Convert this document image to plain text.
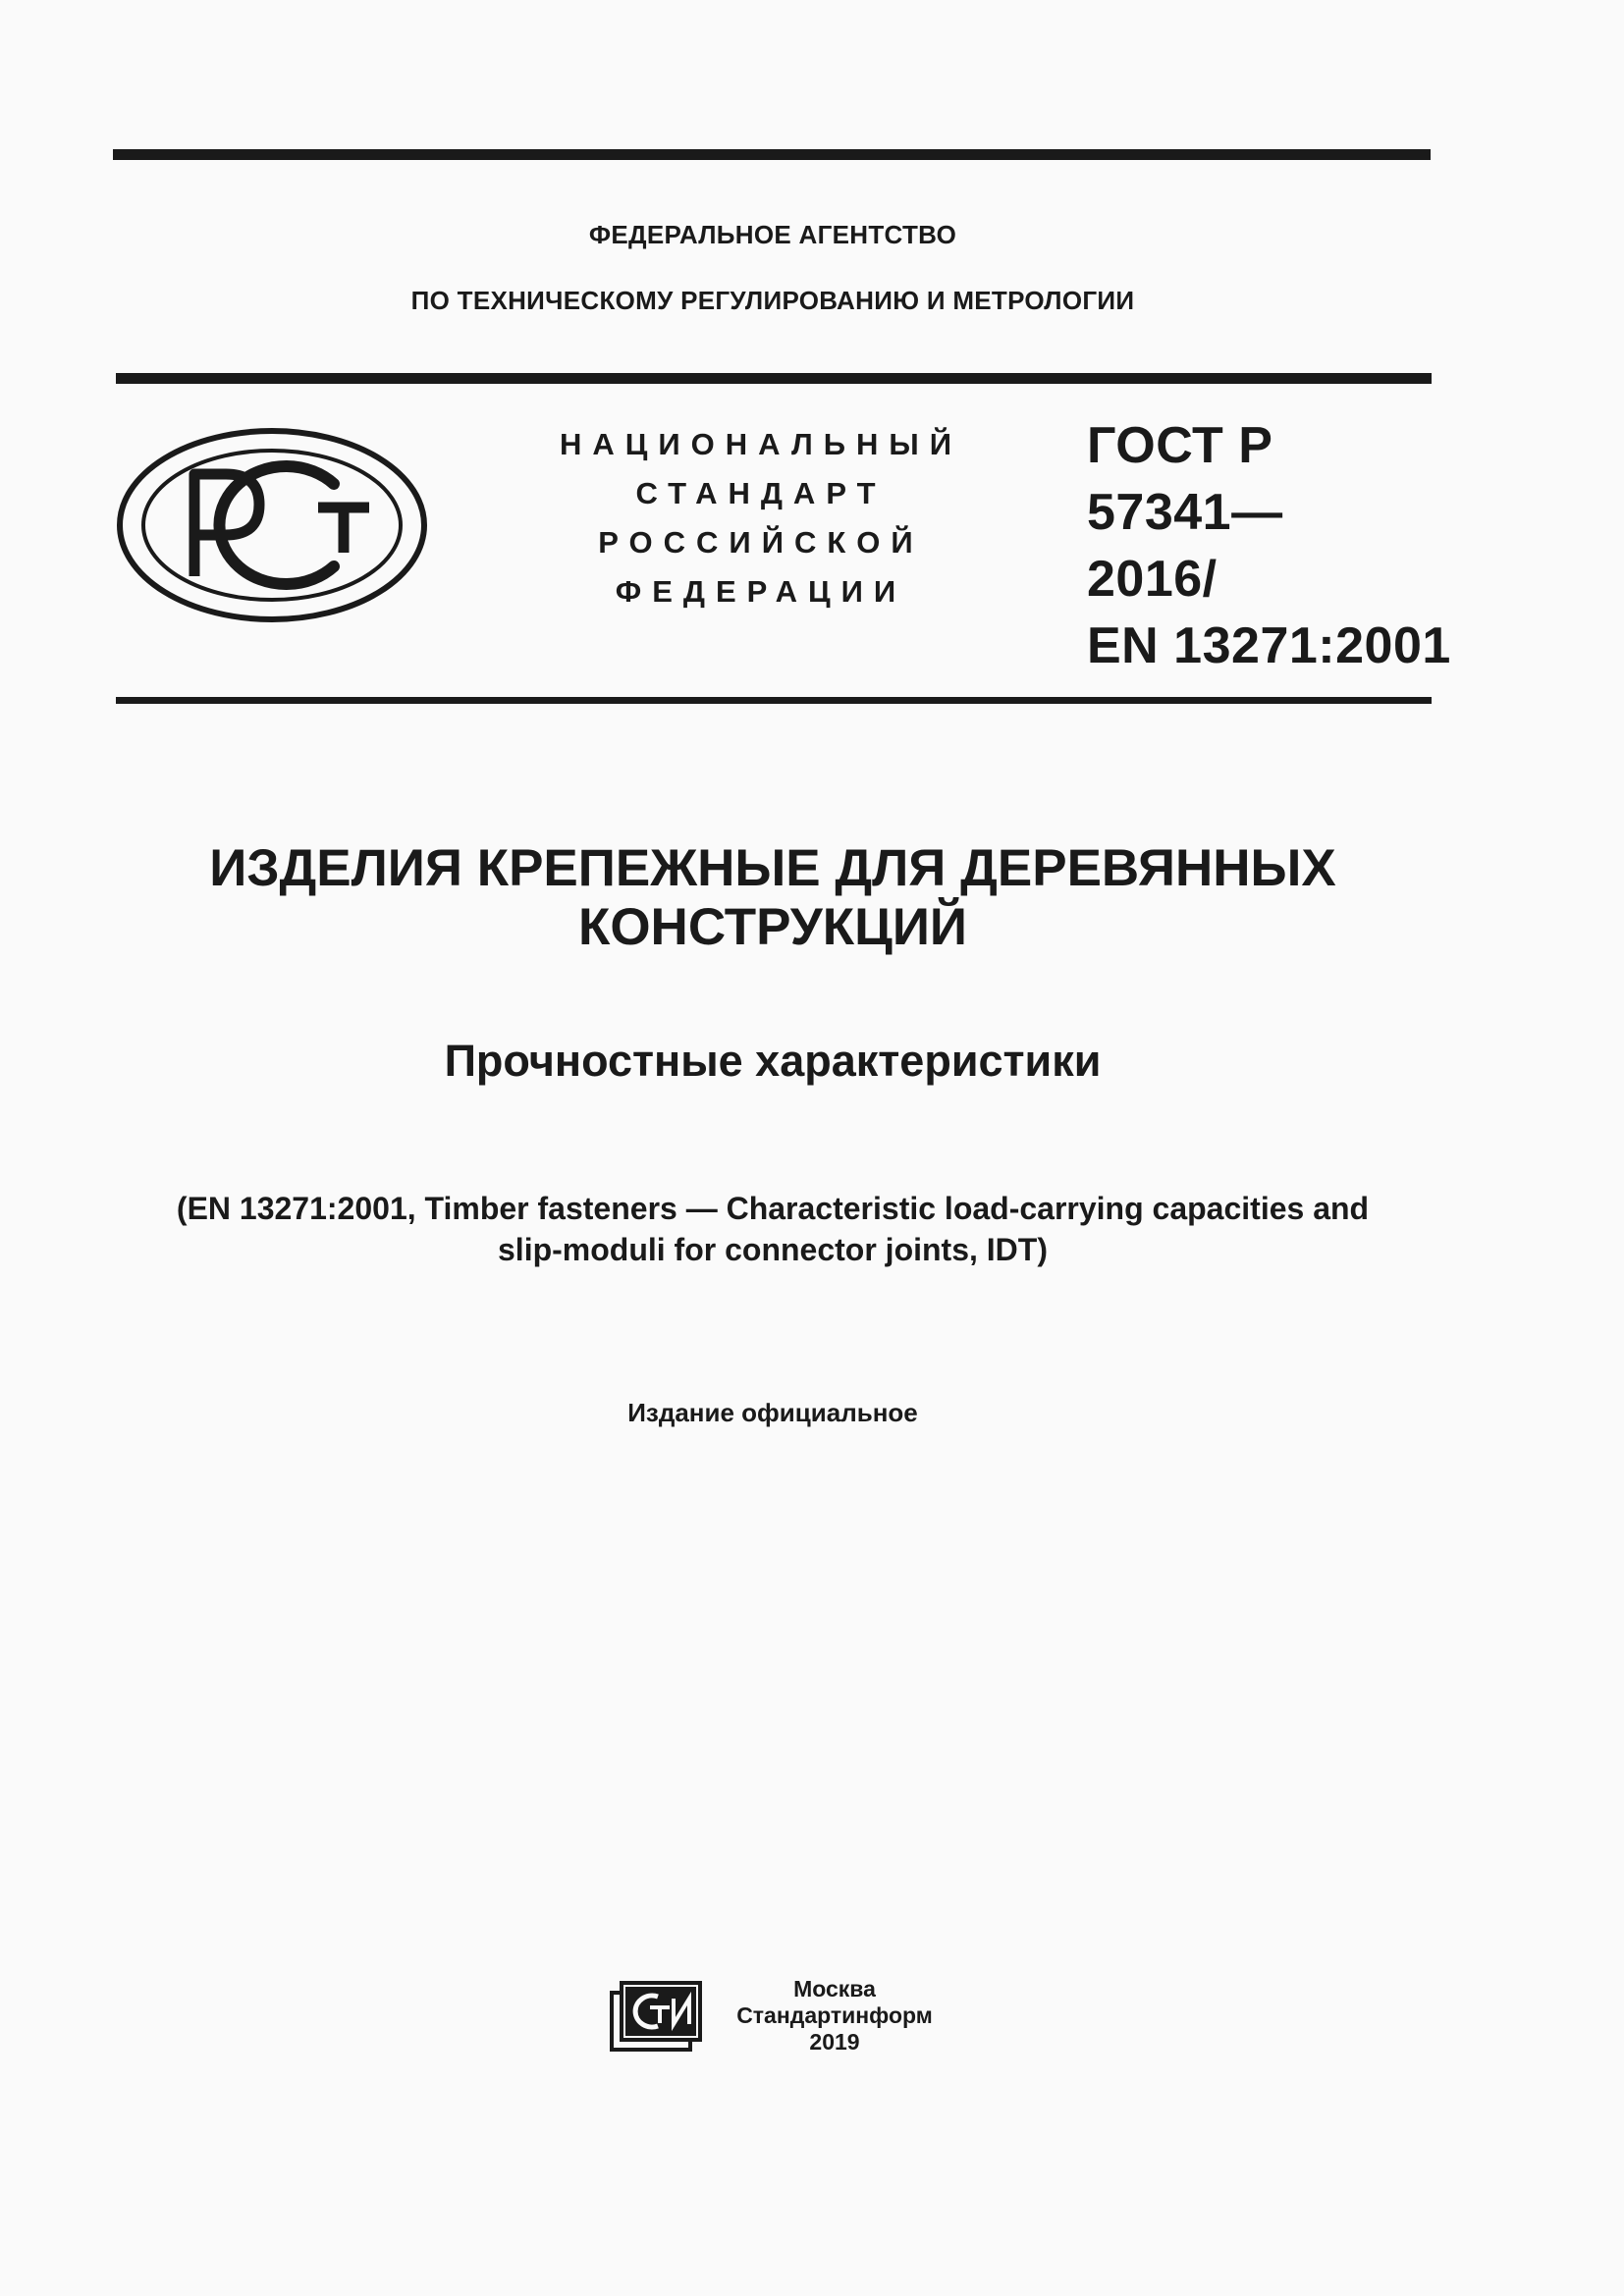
ФЕДЕРАЛЬНОЕ АГЕНТСТВО
ПО ТЕХНИЧЕСКОМУ РЕГУЛИРОВАНИЮ И МЕТРОЛОГИИ
НАЦИОНАЛЬНЫЙ
СТАНДАРТ
РОССИЙСКОЙ
ФЕДЕРАЦИИ
ГОСТ Р
57341—
2016/
EN 13271:2001
ИЗДЕЛИЯ КРЕПЕЖНЫЕ ДЛЯ ДЕРЕВЯННЫХ
КОНСТРУКЦИЙ
Прочностные характеристики
(EN 13271:2001, Timber fasteners — Characteristic load-carrying capacities and
slip-moduli for connector joints, IDT)
Издание официальное
Москва
Стандартинформ
2019
